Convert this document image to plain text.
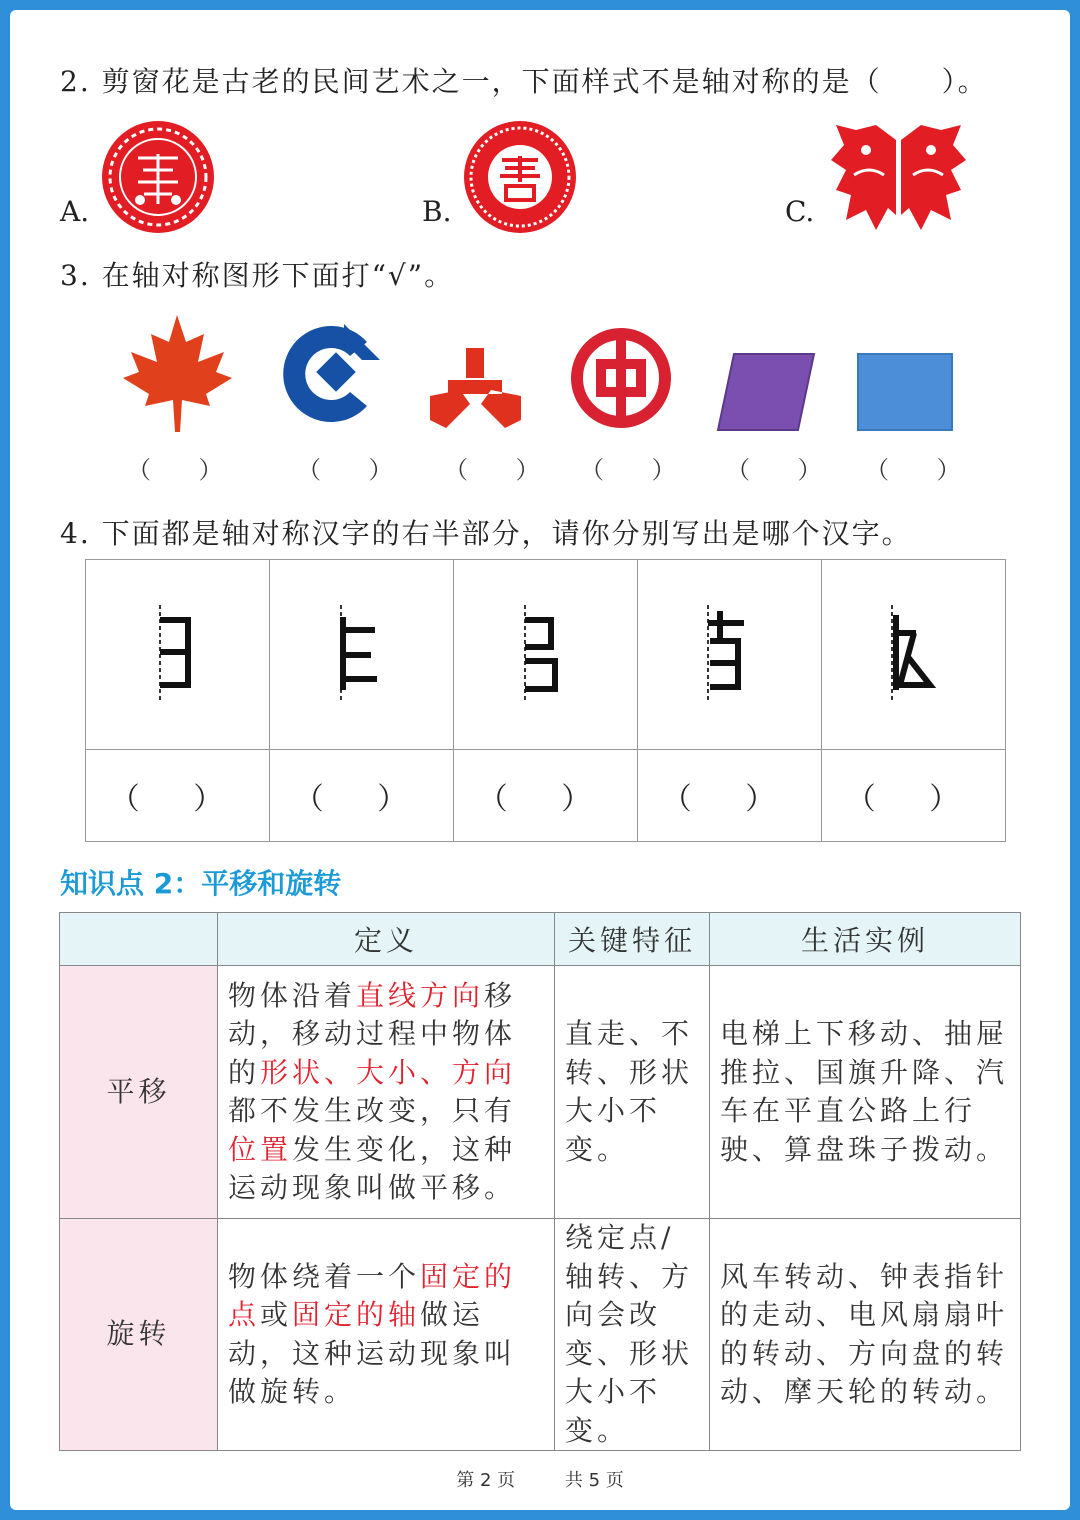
2. 剪窗花是古老的民间艺术之一，下面样式不是轴对称的是（　　）。
A.	B.	C.
3. 在轴对称图形下面打“√”。
（ ） （ ） （ ） （ ） （ ） （ ）
4. 下面都是轴对称汉字的右半部分，请你分别写出是哪个汉字。

（ ）	（ ）	（ ）	（ ）	（ ）
知识点 2：平移和旋转
	定义	关键特征	生活实例
平移	物体沿着直线方向移动，移动过程中物体的形状、大小、方向都不发生改变，只有位置发生变化，这种运动现象叫做平移。	直走、不转、形状大小不变。	电梯上下移动、抽屉推拉、国旗升降、汽车在平直公路上行驶、算盘珠子拨动。
旋转	物体绕着一个固定的点或固定的轴做运动，这种运动现象叫做旋转。	绕定点/轴转、方向会改变、形状大小不变。	风车转动、钟表指针的走动、电风扇扇叶的转动、方向盘的转动、摩天轮的转动。
第 2 页	共 5 页
